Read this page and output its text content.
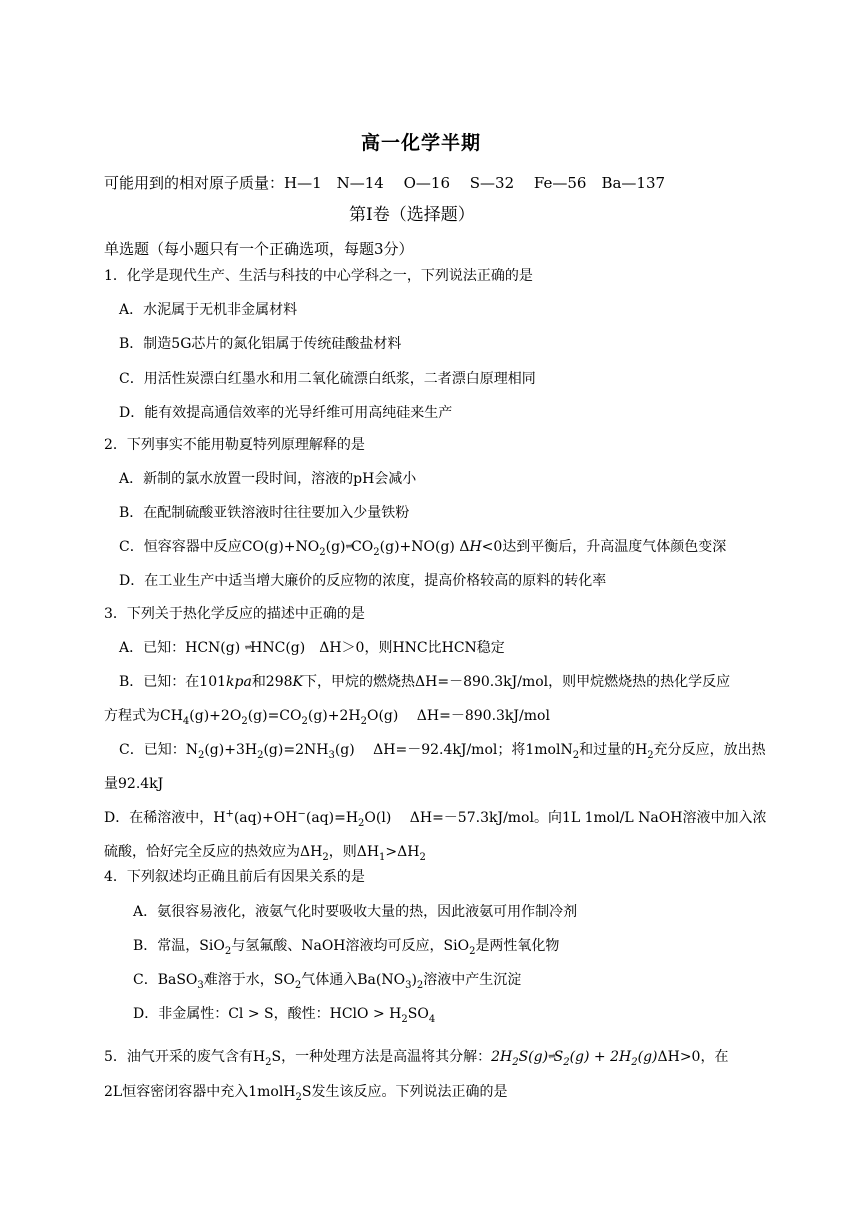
高一化学半期
可能用到的相对原子质量：H—1　N—14　 O—16　 S—32　 Fe—56　Ba—137
第I卷（选择题）
单选题（每小题只有一个正确选项，每题3分）
1．化学是现代生产、生活与科技的中心学科之一，下列说法正确的是
A．水泥属于无机非金属材料
B．制造5G芯片的氮化铝属于传统硅酸盐材料
C．用活性炭漂白红墨水和用二氧化硫漂白纸浆，二者漂白原理相同
D．能有效提高通信效率的光导纤维可用高纯硅来生产
2．下列事实不能用勒夏特列原理解释的是
A．新制的氯水放置一段时间，溶液的pH会减小
B．在配制硫酸亚铁溶液时往往要加入少量铁粉
C．恒容容器中反应$CO(g)+NO_2(g)\rightleftharpoons CO_2(g)+NO(g)$ ΔH<0达到平衡后，升高温度气体颜色变深
D．在工业生产中适当增大廉价的反应物的浓度，提高价格较高的原料的转化率
3．下列关于热化学反应的描述中正确的是
A．已知：HCN(g) ⇌HNC(g)　ΔH＞0，则HNC比HCN稳定
B．已知：在101kpa和298K下，甲烷的燃烧热ΔH=－890.3kJ/mol，则甲烷燃烧热的热化学反应
方程式为$CH_4(g)+2O_2(g)=CO_2(g)+2H_2O(g)$　 ΔH=－890.3kJ/mol
C．已知：$N_2(g)+3H_2(g)=2NH_3(g)$　 ΔH=－92.4kJ/mol；将1molN$_2$和过量的$H_2$充分反应，放出热
量92.4kJ
D．在稀溶液中，$H^+(aq)+OH^-(aq)=H_2O(l)$　 ΔH=－57.3kJ/mol。向1L 1mol/L NaOH溶液中加入浓
硫酸，恰好完全反应的热效应为$\Delta H_2$，则$\Delta H_1>\Delta H_2$
4．下列叙述均正确且前后有因果关系的是
A．氨很容易液化，液氨气化时要吸收大量的热，因此液氨可用作制冷剂
B．常温，SiO$_2$与氢氟酸、NaOH溶液均可反应，SiO$_2$是两性氧化物
C．BaSO$_3$难溶于水，$SO_2$气体通入$Ba(NO_3)_2$溶液中产生沉淀
D．非金属性：Cl > S，酸性：HClO > $H_2SO_4$
5．油气开采的废气含有$H_2S$，一种处理方法是高温将其分解：$2H_2S(g)\rightleftharpoons S_2(g) + 2H_2(g)\Delta H>0$，在
2L恒容密闭容器中充入1molH$_2$S发生该反应。下列说法正确的是
